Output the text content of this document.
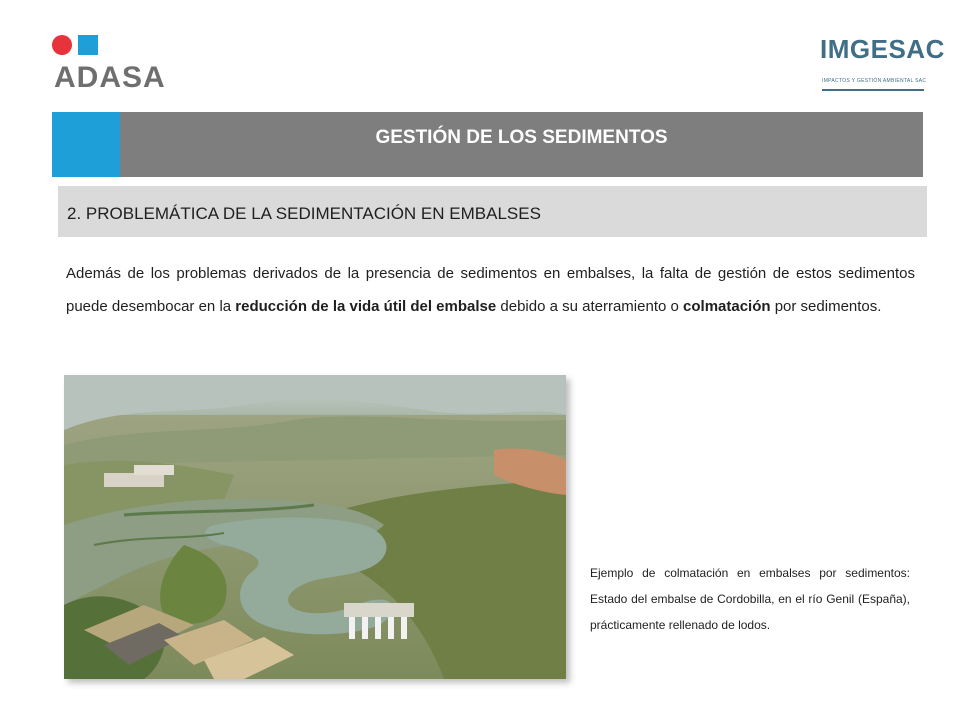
ADASA
IMGESAC
IMPACTOS Y GESTIÓN AMBIENTAL SAC
GESTIÓN DE LOS SEDIMENTOS
2. PROBLEMÁTICA DE LA SEDIMENTACIÓN EN EMBALSES
Además de los problemas derivados de la presencia de sedimentos en embalses, la falta de gestión de estos sedimentos puede desembocar en la reducción de la vida útil del embalse debido a su aterramiento o colmatación por sedimentos.
Ejemplo de colmatación en embalses por sedimentos: Estado del embalse de Cordobilla, en el río Genil (España), prácticamente rellenado de lodos.
